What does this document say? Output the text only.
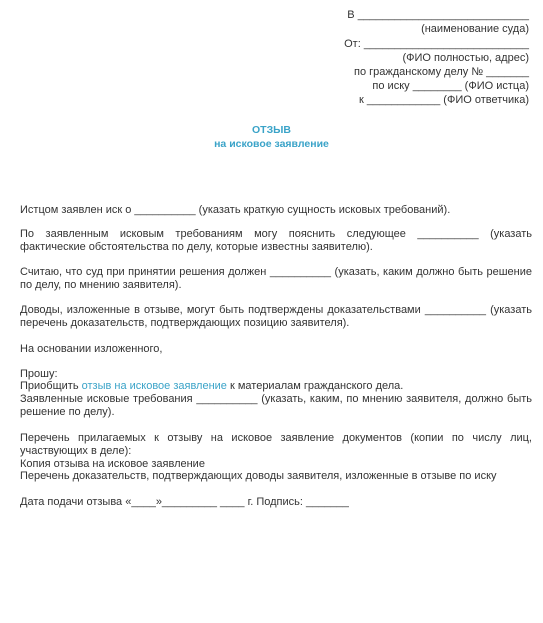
В ____________________________
(наименование суда)
От: ___________________________
(ФИО полностью, адрес)
по гражданскому делу № _______
по иску ________ (ФИО истца)
к ____________ (ФИО ответчика)
ОТЗЫВ
на исковое заявление
Истцом заявлен иск о __________ (указать краткую сущность исковых требований).
По заявленным исковым требованиям могу пояснить следующее __________ (указать фактические обстоятельства по делу, которые известны заявителю).
Считаю, что суд при принятии решения должен __________ (указать, каким должно быть решение по делу, по мнению заявителя).
Доводы, изложенные в отзыве, могут быть подтверждены доказательствами __________ (указать перечень доказательств, подтверждающих позицию заявителя).
На основании изложенного,
Прошу:
Приобщить отзыв на исковое заявление к материалам гражданского дела.
Заявленные исковые требования __________ (указать, каким, по мнению заявителя, должно быть решение по делу).
Перечень прилагаемых к отзыву на исковое заявление документов (копии по числу лиц, участвующих в деле):
Копия отзыва на исковое заявление
Перечень доказательств, подтверждающих доводы заявителя, изложенные в отзыве по иску
Дата подачи отзыва «____»_________ ____ г. Подпись: _______
